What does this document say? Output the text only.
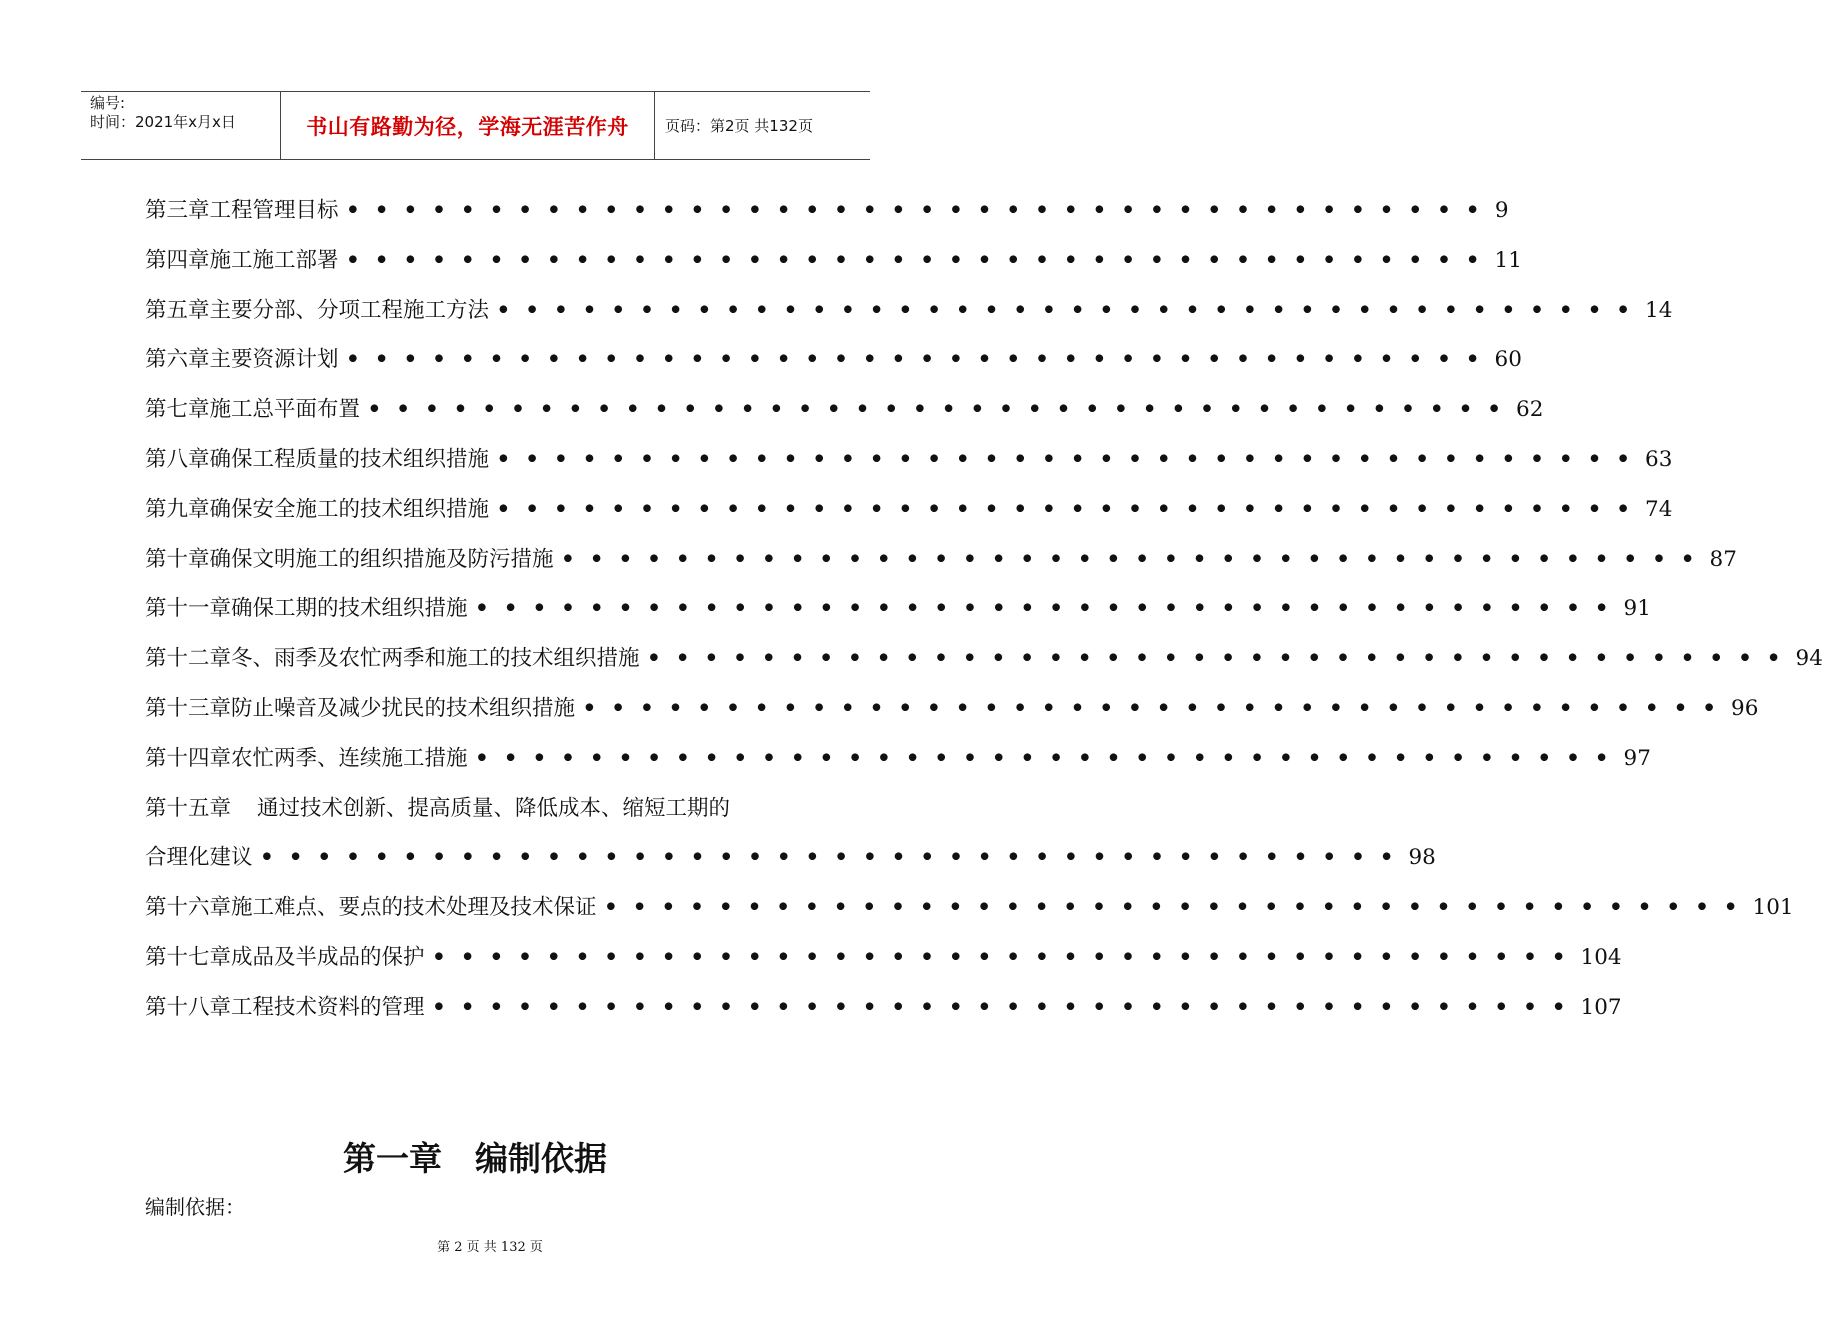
编号:
时间：2021年x月x日	书山有路勤为径，学海无涯苦作舟	页码：第2页 共132页
第三章 工程管理目标 •  •  •  •  •  •  •  •  •  •  •  •  •  •  •  •  •  •  •  •  •  •  •  •  •  •  •  •  •  •  •  •  •  •  •  •  •  •  •  • 9
第四章 施工施工部署 •  •  •  •  •  •  •  •  •  •  •  •  •  •  •  •  •  •  •  •  •  •  •  •  •  •  •  •  •  •  •  •  •  •  •  •  •  •  •  • 11
第五章 主要分部、分项工程施工方法 •  •  •  •  •  •  •  •  •  •  •  •  •  •  •  •  •  •  •  •  •  •  •  •  •  •  •  •  •  •  •  •  •  •  •  •  •  •  •  • 14
第六章 主要资源计划 •  •  •  •  •  •  •  •  •  •  •  •  •  •  •  •  •  •  •  •  •  •  •  •  •  •  •  •  •  •  •  •  •  •  •  •  •  •  •  • 60
第七章 施工总平面布置 •  •  •  •  •  •  •  •  •  •  •  •  •  •  •  •  •  •  •  •  •  •  •  •  •  •  •  •  •  •  •  •  •  •  •  •  •  •  •  • 62
第八章 确保工程质量的技术组织措施 •  •  •  •  •  •  •  •  •  •  •  •  •  •  •  •  •  •  •  •  •  •  •  •  •  •  •  •  •  •  •  •  •  •  •  •  •  •  •  • 63
第九章 确保安全施工的技术组织措施 •  •  •  •  •  •  •  •  •  •  •  •  •  •  •  •  •  •  •  •  •  •  •  •  •  •  •  •  •  •  •  •  •  •  •  •  •  •  •  • 74
第十章 确保文明施工的组织措施及防污措施 •  •  •  •  •  •  •  •  •  •  •  •  •  •  •  •  •  •  •  •  •  •  •  •  •  •  •  •  •  •  •  •  •  •  •  •  •  •  •  • 87
第十一章 确保工期的技术组织措施 •  •  •  •  •  •  •  •  •  •  •  •  •  •  •  •  •  •  •  •  •  •  •  •  •  •  •  •  •  •  •  •  •  •  •  •  •  •  •  • 91
第十二章 冬、雨季及农忙两季和施工的技术组织措施 •  •  •  •  •  •  •  •  •  •  •  •  •  •  •  •  •  •  •  •  •  •  •  •  •  •  •  •  •  •  •  •  •  •  •  •  •  •  •  • 94
第十三章 防止噪音及减少扰民的技术组织措施 •  •  •  •  •  •  •  •  •  •  •  •  •  •  •  •  •  •  •  •  •  •  •  •  •  •  •  •  •  •  •  •  •  •  •  •  •  •  •  • 96
第十四章 农忙两季、连续施工措施 •  •  •  •  •  •  •  •  •  •  •  •  •  •  •  •  •  •  •  •  •  •  •  •  •  •  •  •  •  •  •  •  •  •  •  •  •  •  •  • 97
第十五章 通过技术创新、提高质量、降低成本、缩短工期的
合理化建议 •  •  •  •  •  •  •  •  •  •  •  •  •  •  •  •  •  •  •  •  •  •  •  •  •  •  •  •  •  •  •  •  •  •  •  •  •  •  •  • 98
第十六章 施工难点、要点的技术处理及技术保证 •  •  •  •  •  •  •  •  •  •  •  •  •  •  •  •  •  •  •  •  •  •  •  •  •  •  •  •  •  •  •  •  •  •  •  •  •  •  •  • 101
第十七章 成品及半成品的保护 •  •  •  •  •  •  •  •  •  •  •  •  •  •  •  •  •  •  •  •  •  •  •  •  •  •  •  •  •  •  •  •  •  •  •  •  •  •  •  • 104
第十八章 工程技术资料的管理 •  •  •  •  •  •  •  •  •  •  •  •  •  •  •  •  •  •  •  •  •  •  •  •  •  •  •  •  •  •  •  •  •  •  •  •  •  •  •  • 107
第一章　编制依据
编制依据：
第 2 页 共 132 页
